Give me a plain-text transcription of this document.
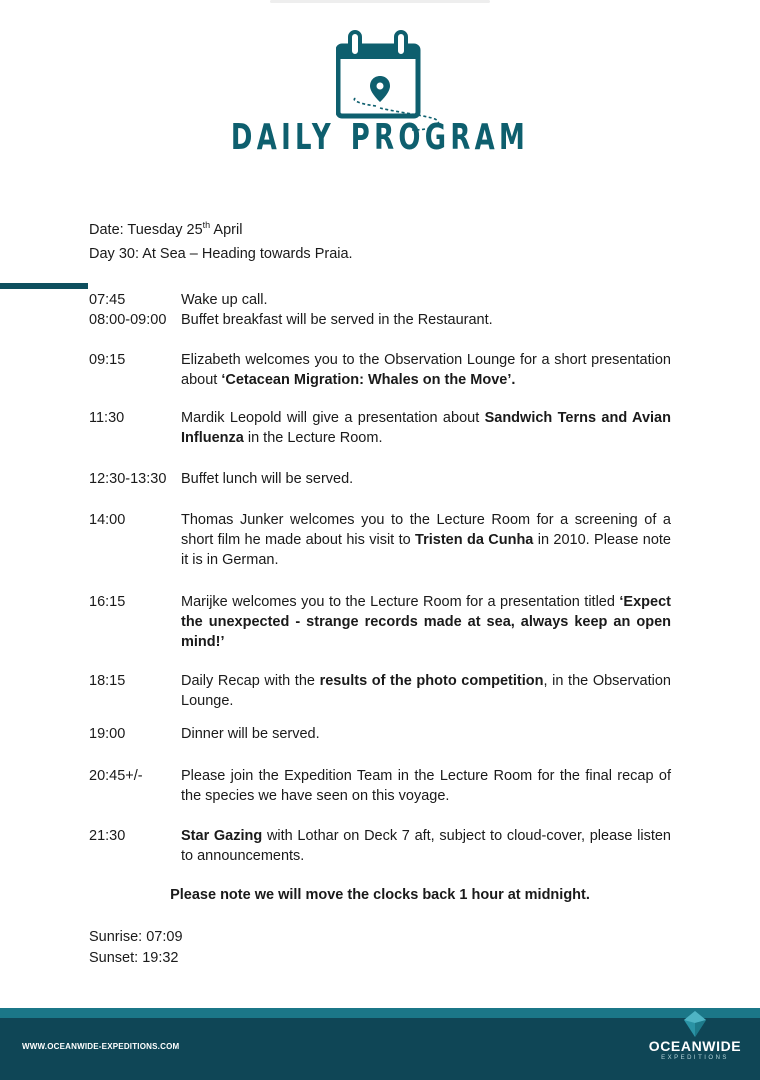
DAILY PROGRAM
Date: Tuesday 25th April
Day 30: At Sea – Heading towards Praia.
07:45	Wake up call.
08:00-09:00	Buffet breakfast will be served in the Restaurant.
09:15	Elizabeth welcomes you to the Observation Lounge for a short presentation about ‘Cetacean Migration: Whales on the Move’.
11:30	Mardik Leopold will give a presentation about Sandwich Terns and Avian Influenza in the Lecture Room.
12:30-13:30	Buffet lunch will be served.
14:00	Thomas Junker welcomes you to the Lecture Room for a screening of a short film he made about his visit to Tristen da Cunha in 2010. Please note it is in German.
16:15	Marijke welcomes you to the Lecture Room for a presentation titled ‘Expect the unexpected - strange records made at sea, always keep an open mind!’
18:15	Daily Recap with the results of the photo competition, in the Observation Lounge.
19:00	Dinner will be served.
20:45+/-	Please join the Expedition Team in the Lecture Room for the final recap of the species we have seen on this voyage.
21:30	Star Gazing with Lothar on Deck 7 aft, subject to cloud-cover, please listen to announcements.
Please note we will move the clocks back 1 hour at midnight.
Sunrise: 07:09
Sunset: 19:32
WWW.OCEANWIDE-EXPEDITIONS.COM	OCEANWIDE
EXPEDITIONS
